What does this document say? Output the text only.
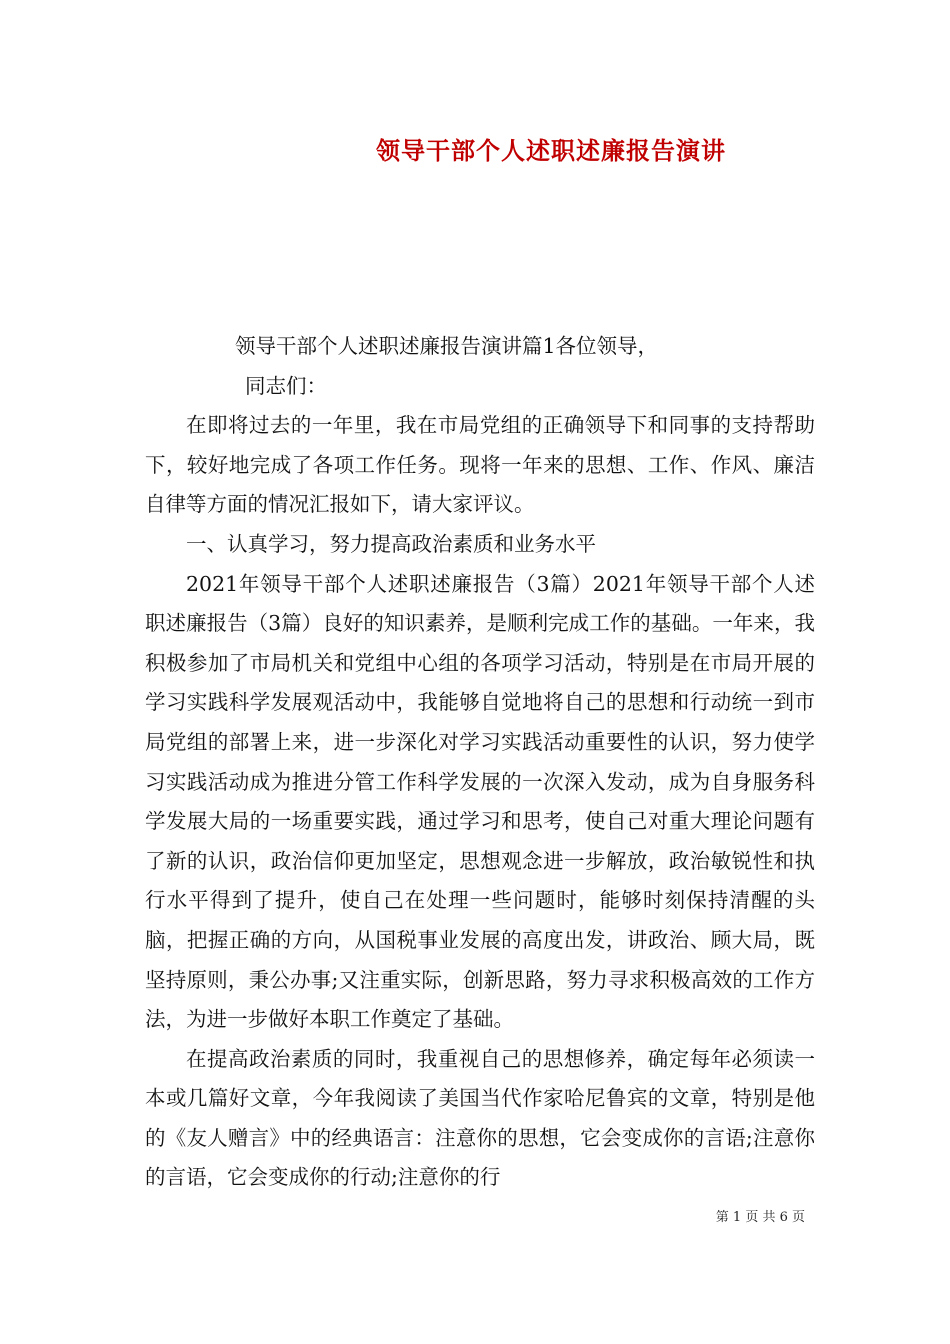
领导干部个人述职述廉报告演讲

领导干部个人述职述廉报告演讲篇1各位领导，

同志们：

在即将过去的一年里，我在市局党组的正确领导下和同事的支持帮助下，较好地完成了各项工作任务。现将一年来的思想、工作、作风、廉洁自律等方面的情况汇报如下，请大家评议。

一、认真学习，努力提高政治素质和业务水平

2021年领导干部个人述职述廉报告（3篇）2021年领导干部个人述职述廉报告（3篇）良好的知识素养，是顺利完成工作的基础。一年来，我积极参加了市局机关和党组中心组的各项学习活动，特别是在市局开展的学习实践科学发展观活动中，我能够自觉地将自己的思想和行动统一到市局党组的部署上来，进一步深化对学习实践活动重要性的认识，努力使学习实践活动成为推进分管工作科学发展的一次深入发动，成为自身服务科学发展大局的一场重要实践，通过学习和思考，使自己对重大理论问题有了新的认识，政治信仰更加坚定，思想观念进一步解放，政治敏锐性和执行水平得到了提升，使自己在处理一些问题时，能够时刻保持清醒的头脑，把握正确的方向，从国税事业发展的高度出发，讲政治、顾大局，既坚持原则，秉公办事;又注重实际，创新思路，努力寻求积极高效的工作方法，为进一步做好本职工作奠定了基础。

在提高政治素质的同时，我重视自己的思想修养，确定每年必须读一本或几篇好文章，今年我阅读了美国当代作家哈尼鲁宾的文章，特别是他的《友人赠言》中的经典语言：注意你的思想，它会变成你的言语;注意你的言语，它会变成你的行动;注意你的行

第 1 页 共 6 页
